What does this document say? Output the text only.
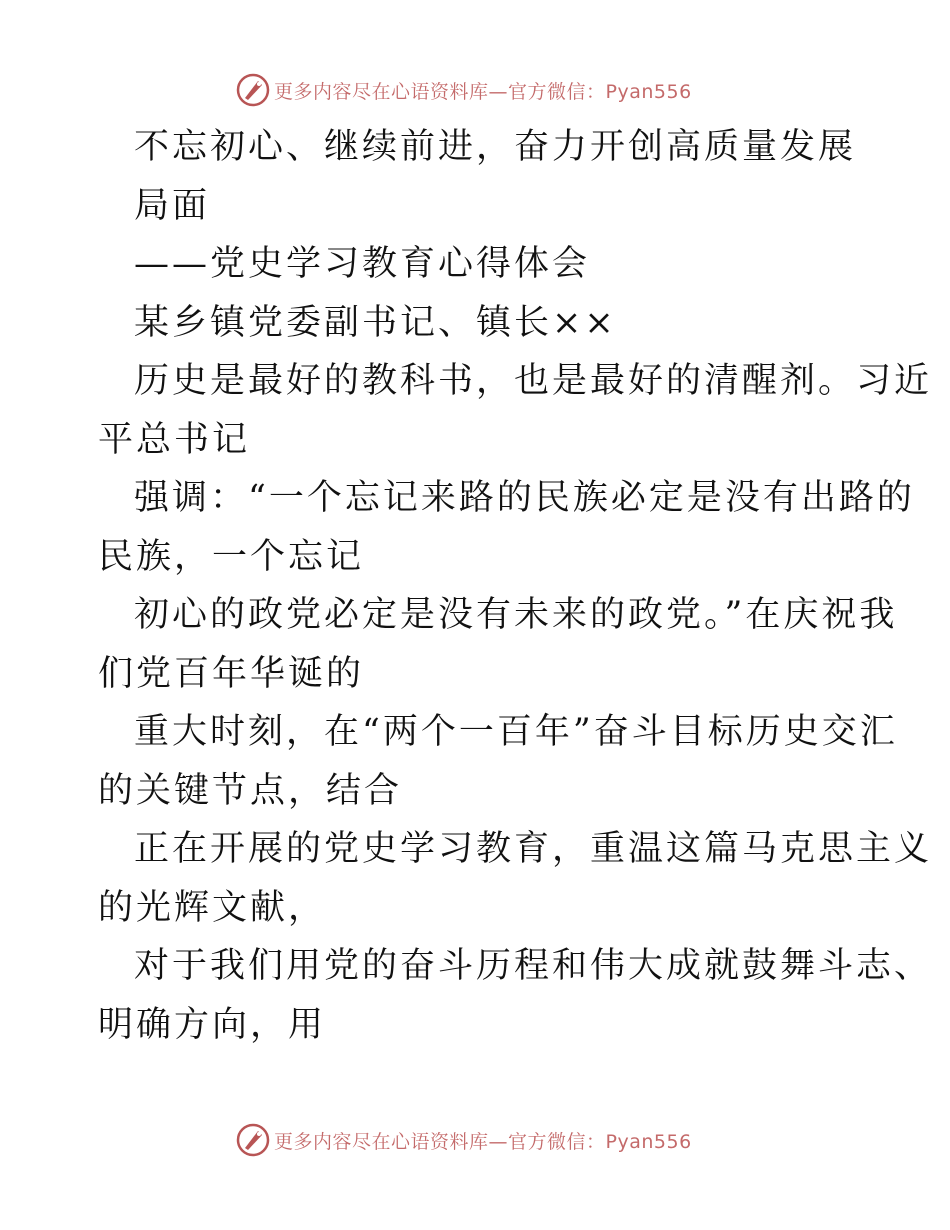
更多内容尽在心语资料库—官方微信：Pyan556
不忘初心、继续前进，奋力开创高质量发展
局面
——党史学习教育心得体会
某乡镇党委副书记、镇长××
历史是最好的教科书，也是最好的清醒剂。习近
平总书记
强调：“一个忘记来路的民族必定是没有出路的
民族，一个忘记
初心的政党必定是没有未来的政党。”在庆祝我
们党百年华诞的
重大时刻，在“两个一百年”奋斗目标历史交汇
的关键节点，结合
正在开展的党史学习教育，重温这篇马克思主义
的光辉文献，
对于我们用党的奋斗历程和伟大成就鼓舞斗志、
明确方向，用
更多内容尽在心语资料库—官方微信：Pyan556
